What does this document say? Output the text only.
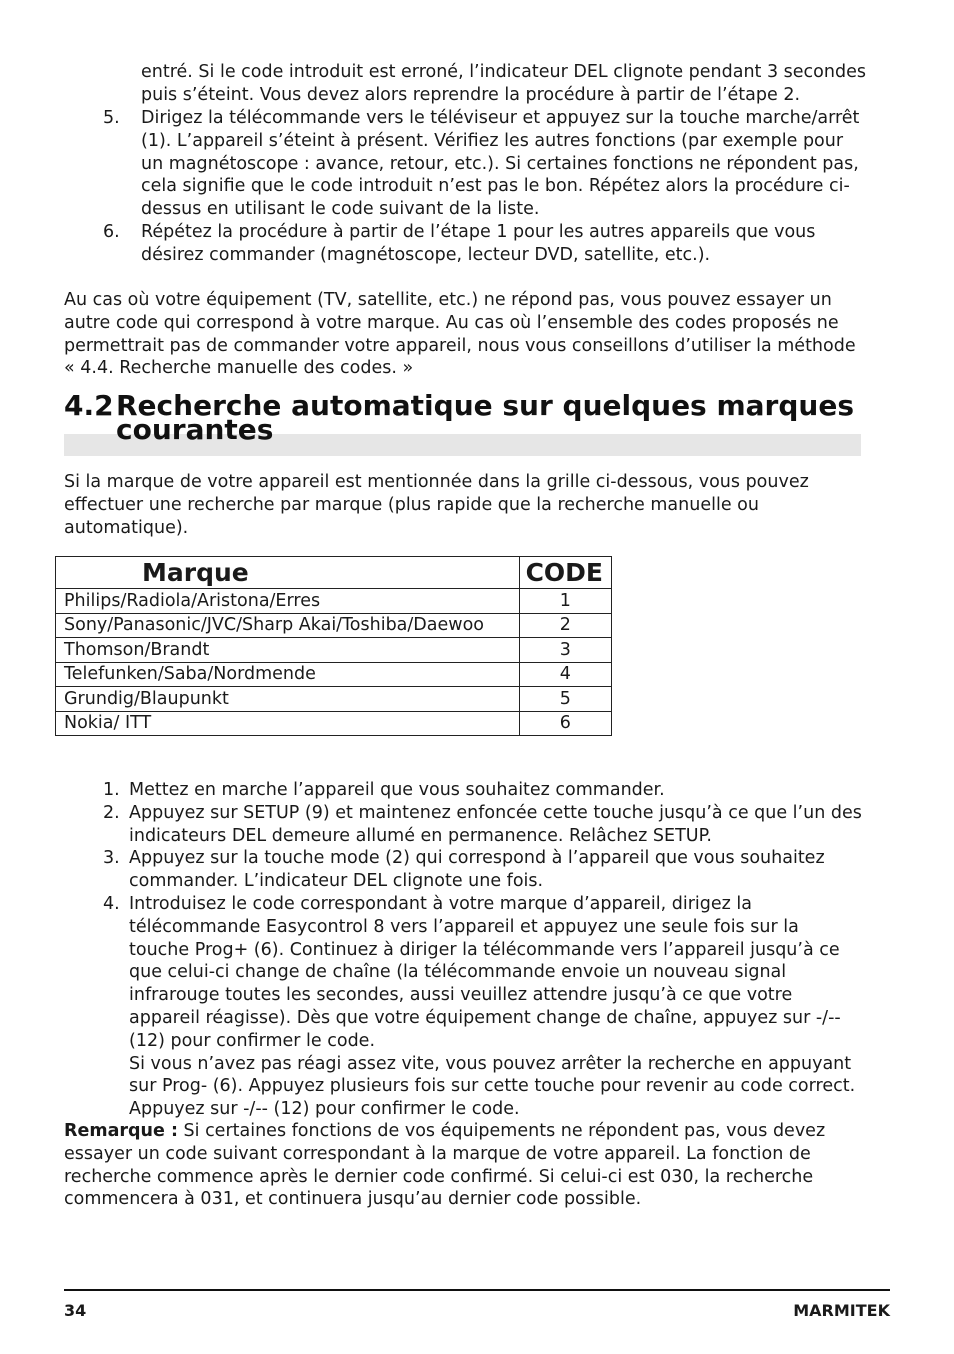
entré. Si le code introduit est erroné, l’indicateur DEL clignote pendant 3 secondes puis s’éteint. Vous devez alors reprendre la procédure à partir de l’étape 2.
5. Dirigez la télécommande vers le téléviseur et appuyez sur la touche marche/arrêt (1). L’appareil s’éteint à présent. Vérifiez les autres fonctions (par exemple pour un magnétoscope : avance, retour, etc.). Si certaines fonctions ne répondent pas, cela signifie que le code introduit n’est pas le bon. Répétez alors la procédure ci-dessus en utilisant le code suivant de la liste.
6. Répétez la procédure à partir de l’étape 1 pour les autres appareils que vous désirez commander (magnétoscope, lecteur DVD, satellite, etc.).
Au cas où votre équipement (TV, satellite, etc.) ne répond pas, vous pouvez essayer un autre code qui correspond à votre marque. Au cas où l’ensemble des codes proposés ne permettrait pas de commander votre appareil, nous vous conseillons d’utiliser la méthode « 4.4. Recherche manuelle des codes. »
4.2 Recherche automatique sur quelques marques
courantes
Si la marque de votre appareil est mentionnée dans la grille ci-dessous, vous pouvez effectuer une recherche par marque (plus rapide que la recherche manuelle ou automatique).
Marque	CODE
Philips/Radiola/Aristona/Erres	1
Sony/Panasonic/JVC/Sharp Akai/Toshiba/Daewoo	2
Thomson/Brandt	3
Telefunken/Saba/Nordmende	4
Grundig/Blaupunkt	5
Nokia/ ITT	6
1. Mettez en marche l’appareil que vous souhaitez commander.
2. Appuyez sur SETUP (9) et maintenez enfoncée cette touche jusqu’à ce que l’un des indicateurs DEL demeure allumé en permanence. Relâchez SETUP.
3. Appuyez sur la touche mode (2) qui correspond à l’appareil que vous souhaitez commander. L’indicateur DEL clignote une fois.
4. Introduisez le code correspondant à votre marque d’appareil, dirigez la télécommande Easycontrol 8 vers l’appareil et appuyez une seule fois sur la touche Prog+ (6). Continuez à diriger la télécommande vers l’appareil jusqu’à ce que celui-ci change de chaîne (la télécommande envoie un nouveau signal infrarouge toutes les secondes, aussi veuillez attendre jusqu’à ce que votre appareil réagisse). Dès que votre équipement change de chaîne, appuyez sur -/--(12) pour confirmer le code.
Si vous n’avez pas réagi assez vite, vous pouvez arrêter la recherche en appuyant sur Prog- (6). Appuyez plusieurs fois sur cette touche pour revenir au code correct. Appuyez sur -/-- (12) pour confirmer le code.
Remarque : Si certaines fonctions de vos équipements ne répondent pas, vous devez essayer un code suivant correspondant à la marque de votre appareil. La fonction de recherche commence après le dernier code confirmé. Si celui-ci est 030, la recherche commencera à 031, et continuera jusqu’au dernier code possible.
34	MARMITEK
